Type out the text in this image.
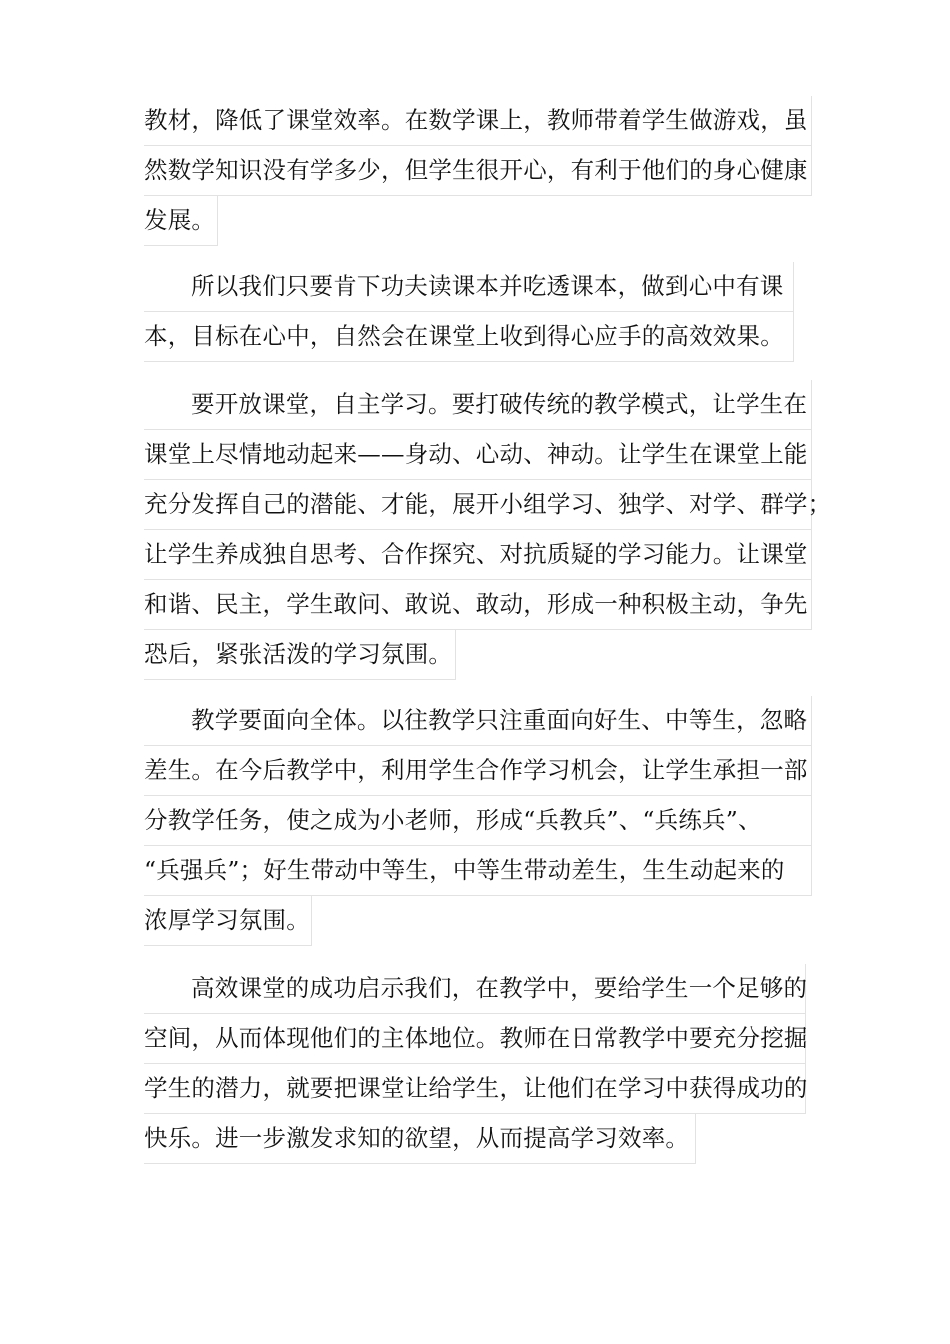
教材，降低了课堂效率。在数学课上，教师带着学生做游戏，虽
然数学知识没有学多少，但学生很开心，有利于他们的身心健康
发展。
所以我们只要肯下功夫读课本并吃透课本，做到心中有课
本，目标在心中，自然会在课堂上收到得心应手的高效效果。
要开放课堂，自主学习。要打破传统的教学模式，让学生在
课堂上尽情地动起来——身动、心动、神动。让学生在课堂上能
充分发挥自己的潜能、才能，展开小组学习、独学、对学、群学；
让学生养成独自思考、合作探究、对抗质疑的学习能力。让课堂
和谐、民主，学生敢问、敢说、敢动，形成一种积极主动，争先
恐后，紧张活泼的学习氛围。
教学要面向全体。以往教学只注重面向好生、中等生，忽略
差生。在今后教学中，利用学生合作学习机会，让学生承担一部
分教学任务，使之成为小老师，形成“兵教兵”、“兵练兵”、
“兵强兵”；好生带动中等生，中等生带动差生，生生动起来的
浓厚学习氛围。
高效课堂的成功启示我们，在教学中，要给学生一个足够的
空间，从而体现他们的主体地位。教师在日常教学中要充分挖掘
学生的潜力，就要把课堂让给学生，让他们在学习中获得成功的
快乐。进一步激发求知的欲望，从而提高学习效率。
